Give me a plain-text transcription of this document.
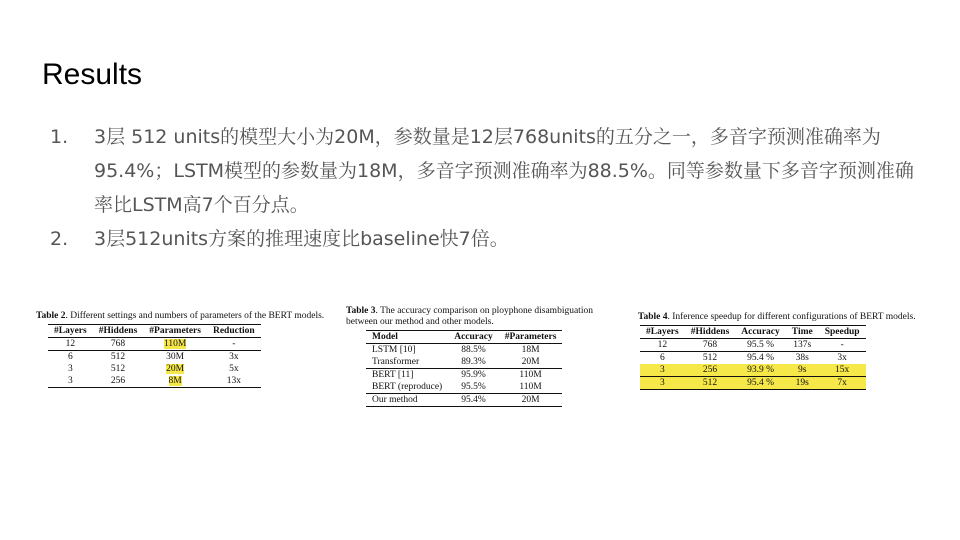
Results
1. 3层 512 units的模型大小为20M，参数量是12层768units的五分之一，多音字预测准确率为95.4%；LSTM模型的参数量为18M，多音字预测准确率为88.5%。同等参数量下多音字预测准确率比LSTM高7个百分点。
2. 3层512units方案的推理速度比baseline快7倍。
Table 2. Different settings and numbers of parameters of the BERT models.
#Layers	#Hiddens	#Parameters	Reduction
12	768	110M	-
6	512	30M	3x
3	512	20M	5x
3	256	8M	13x
Table 3. The accuracy comparison on ployphone disambiguation between our method and other models.
Model	Accuracy	#Parameters
LSTM [10]	88.5%	18M
Transformer	89.3%	20M
BERT [11]	95.9%	110M
BERT (reproduce)	95.5%	110M
Our method	95.4%	20M
Table 4. Inference speedup for different configurations of BERT models.
#Layers	#Hiddens	Accuracy	Time	Speedup
12	768	95.5 %	137s	-
6	512	95.4 %	38s	3x
3	256	93.9 %	9s	15x
3	512	95.4 %	19s	7x
